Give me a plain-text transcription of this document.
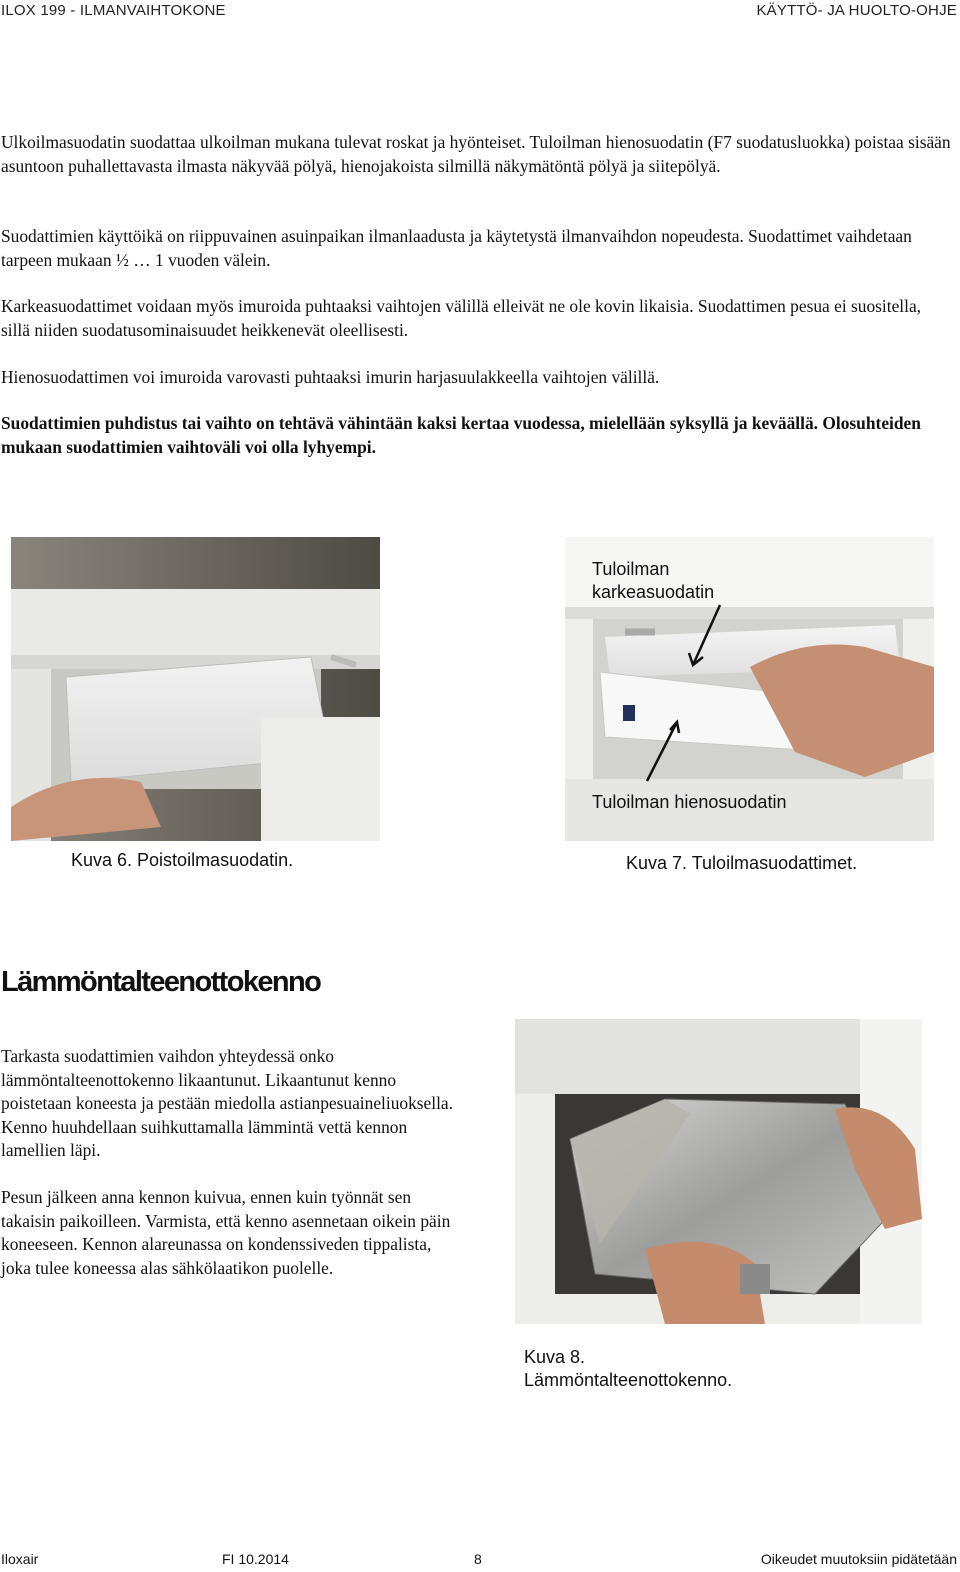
ILOX 199 - ILMANVAIHTOKONE	KÄYTTÖ- JA HUOLTO-OHJE

Ulkoilmasuodatin suodattaa ulkoilman mukana tulevat roskat ja hyönteiset. Tuloilman hienosuodatin (F7 suodatusluokka) poistaa sisään asuntoon puhallettavasta ilmasta näkyvää pölyä, hienojakoista silmillä näkymätöntä pölyä ja siitepölyä.

Suodattimien käyttöikä on riippuvainen asuinpaikan ilmanlaadusta ja käytetystä ilmanvaihdon nopeudesta. Suodattimet vaihdetaan tarpeen mukaan ½ … 1 vuoden välein.

Karkeasuodattimet voidaan myös imuroida puhtaaksi vaihtojen välillä elleivät ne ole kovin likaisia. Suodattimen pesua ei suositella, sillä niiden suodatusominaisuudet heikkenevät oleellisesti.

Hienosuodattimen voi imuroida varovasti puhtaaksi imurin harjasuulakkeella vaihtojen välillä.

Suodattimien puhdistus tai vaihto on tehtävä vähintään kaksi kertaa vuodessa, mielellään syksyllä ja keväällä. Olosuhteiden mukaan suodattimien vaihtoväli voi olla lyhyempi.

Kuva 6. Poistoilmasuodatin.
Tuloilman
karkeasuodatin
Tuloilman hienosuodatin
Kuva 7. Tuloilmasuodattimet.
Lämmöntalteenottokenno

Tarkasta suodattimien vaihdon yhteydessä onko lämmöntalteenottokenno likaantunut. Likaantunut kenno poistetaan koneesta ja pestään miedolla astianpesuaineliuoksella. Kenno huuhdellaan suihkuttamalla lämmintä vettä kennon lamellien läpi.

Pesun jälkeen anna kennon kuivua, ennen kuin työnnät sen takaisin paikoilleen. Varmista, että kenno asennetaan oikein päin koneeseen. Kennon alareunassa on kondenssiveden tippalista, joka tulee koneessa alas sähkölaatikon puolelle.

Kuva 8.
Lämmöntalteenottokenno.
Iloxair	FI 10.2014	8	Oikeudet muutoksiin pidätetään
